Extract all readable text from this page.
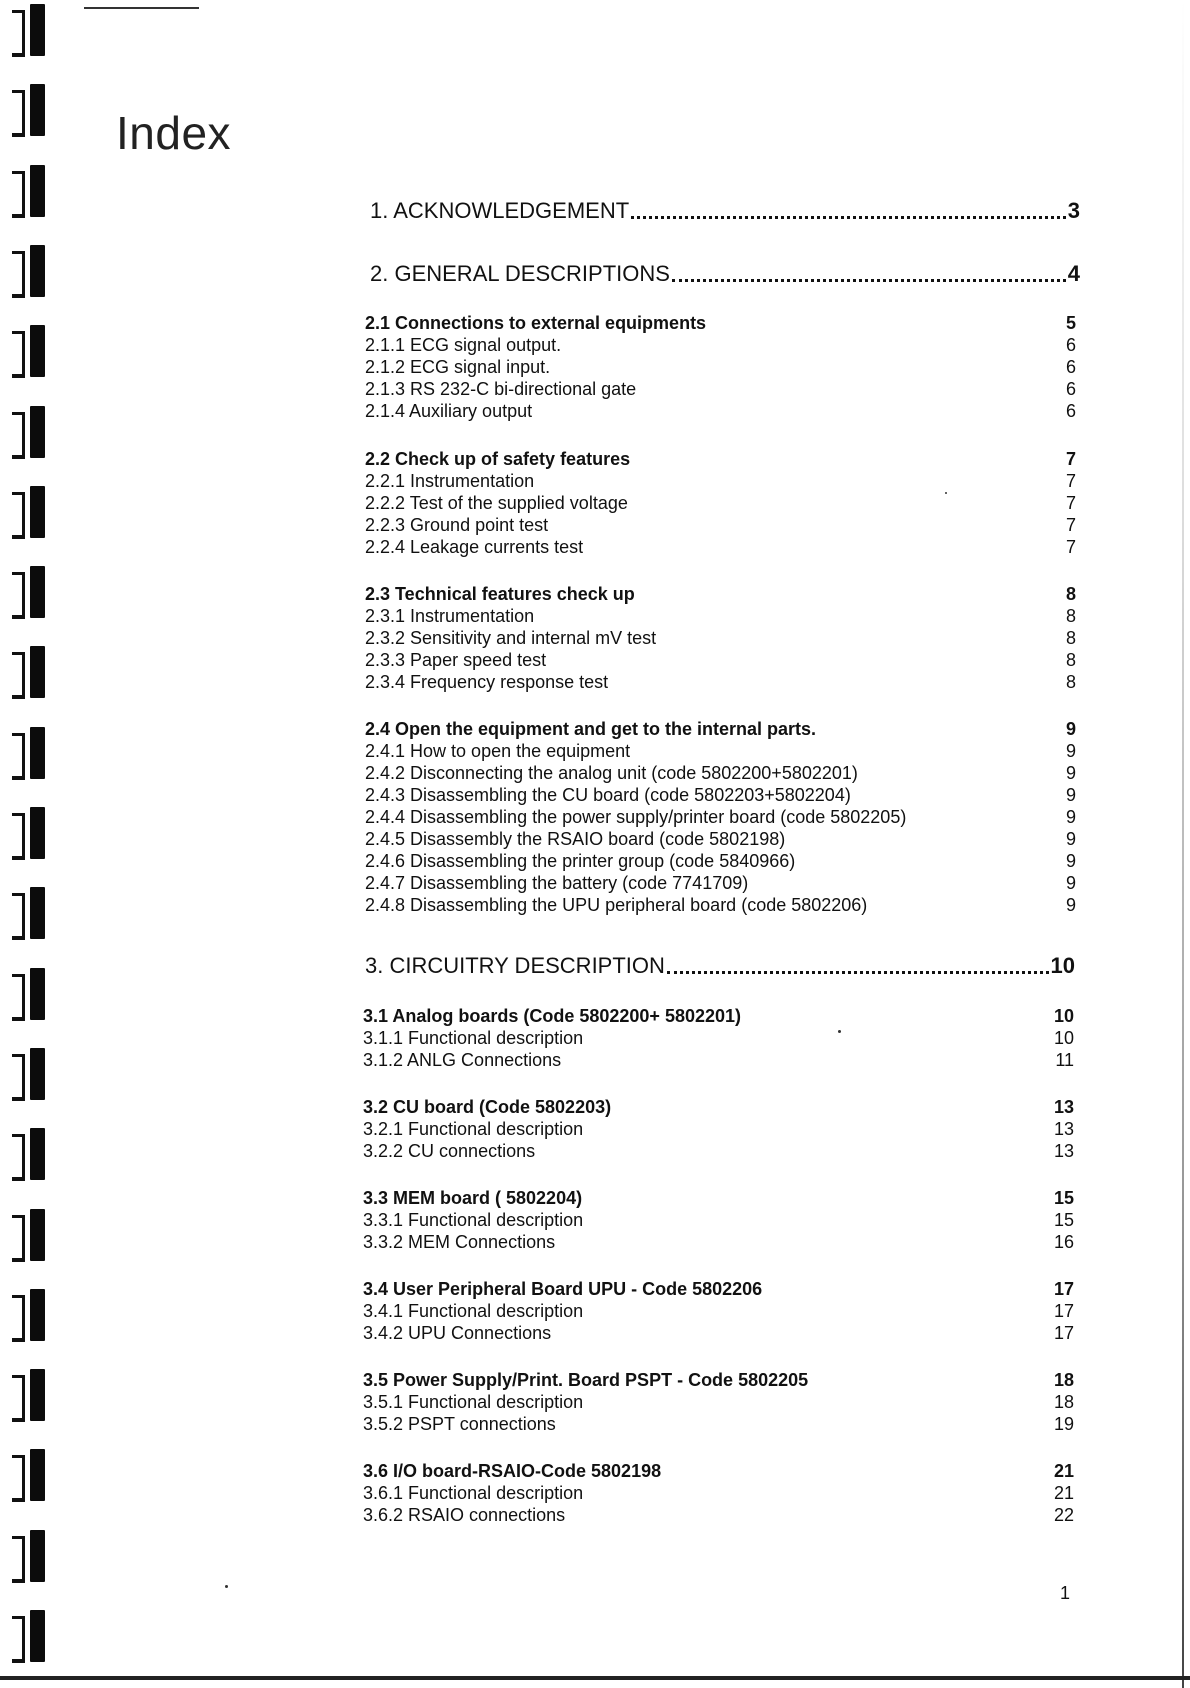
Index
1. ACKNOWLEDGEMENT	3
2. GENERAL DESCRIPTIONS	4
3. CIRCUITRY DESCRIPTION	10
2.1 Connections to external equipments	5
2.1.1 ECG signal output.	6
2.1.2 ECG signal input.	6
2.1.3 RS 232-C bi-directional gate	6
2.1.4 Auxiliary output	6
2.2 Check up of safety features	7
2.2.1 Instrumentation	7
2.2.2 Test of the supplied voltage	7
2.2.3 Ground point test	7
2.2.4 Leakage currents test	7
2.3 Technical features check up	8
2.3.1 Instrumentation	8
2.3.2 Sensitivity and internal mV test	8
2.3.3 Paper speed test	8
2.3.4 Frequency response test	8
2.4 Open the equipment and get to the internal parts.	9
2.4.1 How to open the equipment	9
2.4.2 Disconnecting the analog unit (code 5802200+5802201)	9
2.4.3 Disassembling the CU board (code 5802203+5802204)	9
2.4.4 Disassembling the power supply/printer board (code 5802205)	9
2.4.5 Disassembly the RSAIO board (code 5802198)	9
2.4.6 Disassembling the printer group (code 5840966)	9
2.4.7 Disassembling the battery (code 7741709)	9
2.4.8 Disassembling the UPU peripheral board (code 5802206)	9
3.1 Analog boards (Code 5802200+ 5802201)	10
3.1.1 Functional description	10
3.1.2 ANLG Connections	11
3.2 CU board (Code 5802203)	13
3.2.1 Functional description	13
3.2.2 CU connections	13
3.3 MEM board ( 5802204)	15
3.3.1 Functional description	15
3.3.2 MEM Connections	16
3.4 User Peripheral Board UPU - Code 5802206	17
3.4.1 Functional description	17
3.4.2 UPU Connections	17
3.5 Power Supply/Print. Board PSPT - Code 5802205	18
3.5.1 Functional description	18
3.5.2 PSPT connections	19
3.6 I/O board-RSAIO-Code 5802198	21
3.6.1 Functional description	21
3.6.2 RSAIO connections	22
1
